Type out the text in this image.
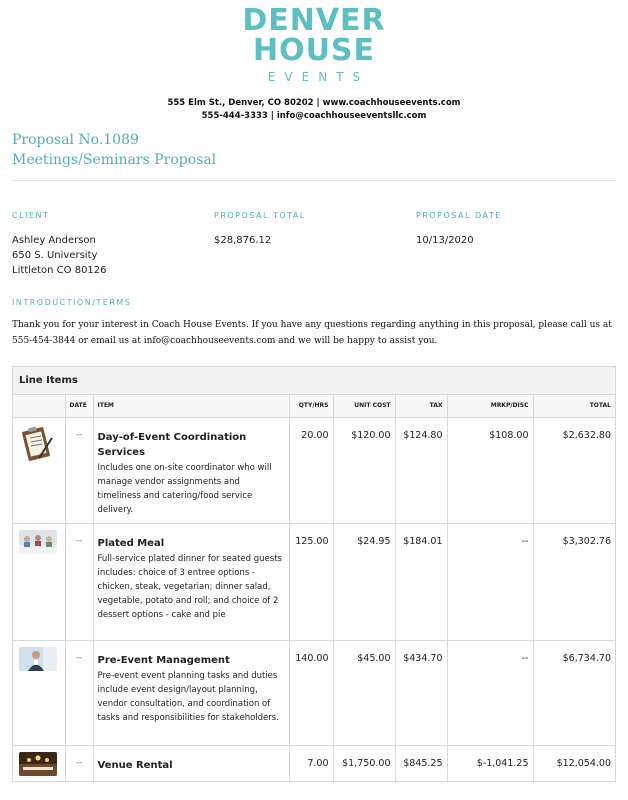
DENVER
HOUSE
EVENTS
555 Elm St., Denver, CO 80202 | www.coachhouseevents.com
555-444-3333 | info@coachhouseeventsllc.com
Proposal No.1089
Meetings/Seminars Proposal
CLIENT
Ashley Anderson
650 S. University
Littleton CO 80126
PROPOSAL TOTAL
$28,876.12
PROPOSAL DATE
10/13/2020
INTRODUCTION/TERMS
Thank you for your interest in Coach House Events. If you have any questions regarding anything in this proposal, please call us at 555-454-3844 or email us at info@coachhouseevents.com and we will be happy to assist you.
Line Items
	DATE	ITEM	QTY/HRS	UNIT COST	TAX	MRKP/DISC	TOTAL
	--	Day-of-Event Coordination Services
Includes one on-site coordinator who will manage vendor assignments and timeliness and catering/food service delivery.	20.00	$120.00	$124.80	$108.00	$2,632.80
	--	Plated Meal
Full-service plated dinner for seated guests includes: choice of 3 entree options - chicken, steak, vegetarian; dinner salad, vegetable, potato and roll; and choice of 2 dessert options - cake and pie	125.00	$24.95	$184.01	--	$3,302.76
	--	Pre-Event Management
Pre-event event planning tasks and duties include event design/layout planning, vendor consultation, and coordination of tasks and responsibilities for stakeholders.	140.00	$45.00	$434.70	--	$6,734.70
	--	Venue Rental	7.00	$1,750.00	$845.25	$-1,041.25	$12,054.00
